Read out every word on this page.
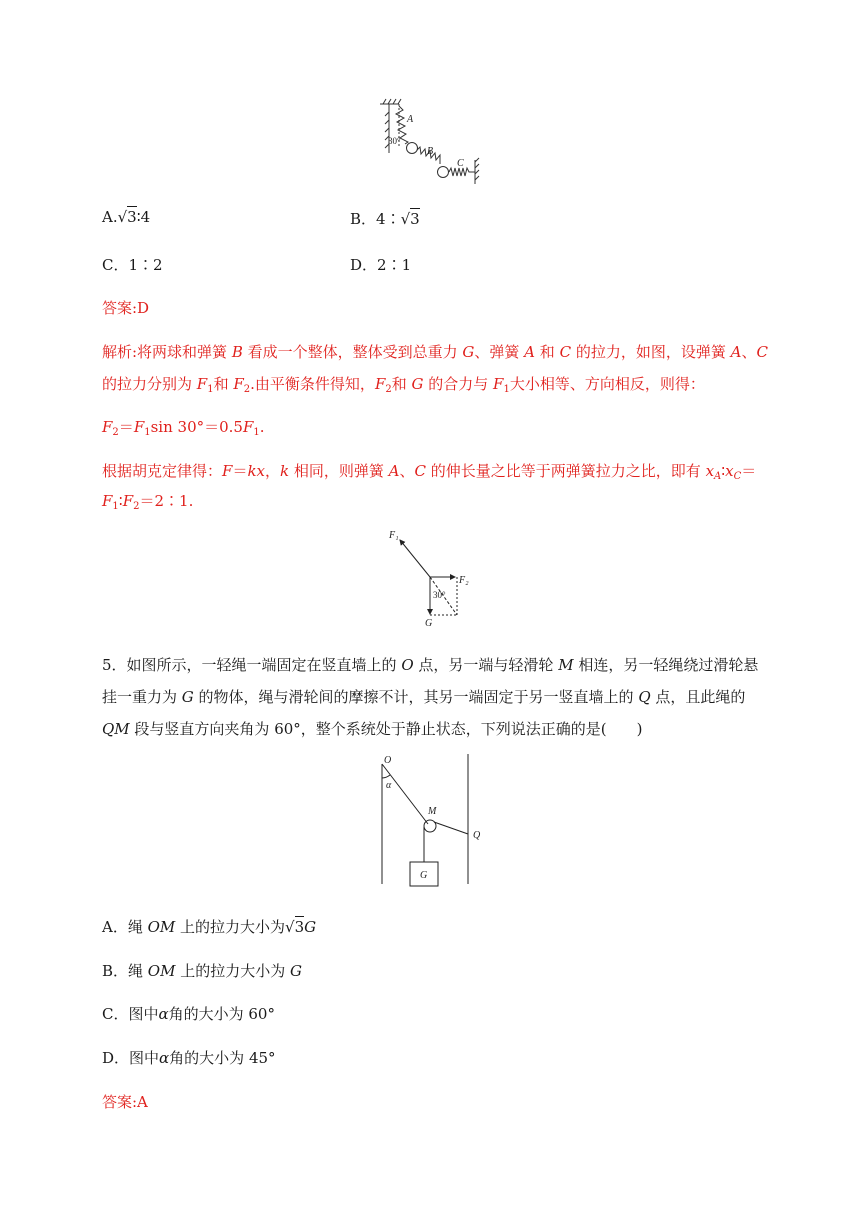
A
30°
B
C
A.√3∶4	B．4∶√3
C．1∶2	D．2∶1
答案:D
解析:将两球和弹簧 B 看成一个整体，整体受到总重力 G、弹簧 A 和 C 的拉力，如图，设弹簧 A、C
的拉力分别为 $F_1$和 $F_2$.由平衡条件得知，$F_2$和 G 的合力与 $F_1$大小相等、方向相反，则得：
$F_2=F_1\sin$ $30^\circ=0.5F_1$.
根据胡克定律得：F＝kx，k 相同，则弹簧 A、C 的伸长量之比等于两弹簧拉力之比，即有 $x_A∶x_C=$
$F_1∶F_2=2∶1$.
F₁
F₂
G
30°
5．如图所示，一轻绳一端固定在竖直墙上的 O 点，另一端与轻滑轮 M 相连，另一轻绳绕过滑轮悬
挂一重力为 G 的物体，绳与滑轮间的摩擦不计，其另一端固定于另一竖直墙上的 Q 点，且此绳的
QM 段与竖直方向夹角为 60°，整个系统处于静止状态，下列说法正确的是(　　)
O
α
M
Q
G
A．绳 OM 上的拉力大小为√3G
B．绳 OM 上的拉力大小为 G
C．图中α角的大小为 60°
D．图中α角的大小为 45°
答案:A
